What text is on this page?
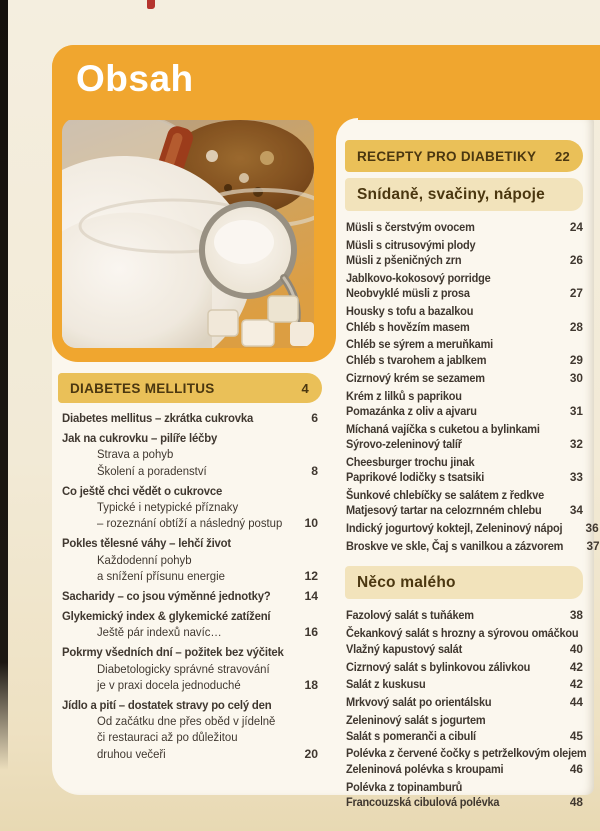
Obsah
DIABETES MELLITUS	4
Diabetes mellitus – zkrátka cukrovka	6
Jak na cukrovku – pilíře léčby
Strava a pohyb
Školení a poradenství	8
Co ještě chci vědět o cukrovce
Typické i netypické příznaky
– rozeznání obtíží a následný postup	10
Pokles tělesné váhy – lehčí život
Každodenní pohyb
a snížení přísunu energie	12
Sacharidy – co jsou výměnné jednotky?	14
Glykemický index & glykemické zatížení
Ještě pár indexů navíc…	16
Pokrmy všedních dní – požitek bez výčitek
Diabetologicky správné stravování
je v praxi docela jednoduché	18
Jídlo a pití – dostatek stravy po celý den
Od začátku dne přes oběd v jídelně
či restauraci až po důležitou
druhou večeři	20
RECEPTY PRO DIABETIKY 22
Snídaně, svačiny, nápoje
Müsli s čerstvým ovocem	24
Müsli s citrusovými plody
Müsli z pšeničných zrn	26
Jablkovo-kokosový porridge
Neobvyklé müsli z prosa	27
Housky s tofu a bazalkou
Chléb s hovězím masem	28
Chléb se sýrem a meruňkami
Chléb s tvarohem a jablkem	29
Cizrnový krém se sezamem	30
Krém z lilků s paprikou
Pomazánka z oliv a ajvaru	31
Míchaná vajíčka s cuketou a bylinkami
Sýrovo-zeleninový talíř	32
Cheesburger trochu jinak
Paprikové lodičky s tsatsiki	33
Šunkové chlebíčky se salátem z ředkve
Matjesový tartar na celozrnném chlebu	34
Indický jogurtový koktejl, Zeleninový nápoj	36
Broskve ve skle, Čaj s vanilkou a zázvorem	37
Něco malého
Fazolový salát s tuňákem	38
Čekankový salát s hrozny a sýrovou omáčkou
Vlažný kapustový salát	40
Cizrnový salát s bylinkovou zálivkou	42
Salát z kuskusu	42
Mrkvový salát po orientálsku	44
Zeleninový salát s jogurtem
Salát s pomeranči a cibulí	45
Polévka z červené čočky s petrželkovým olejem
Zeleninová polévka s kroupami	46
Polévka z topinamburů
Francouzská cibulová polévka	48
